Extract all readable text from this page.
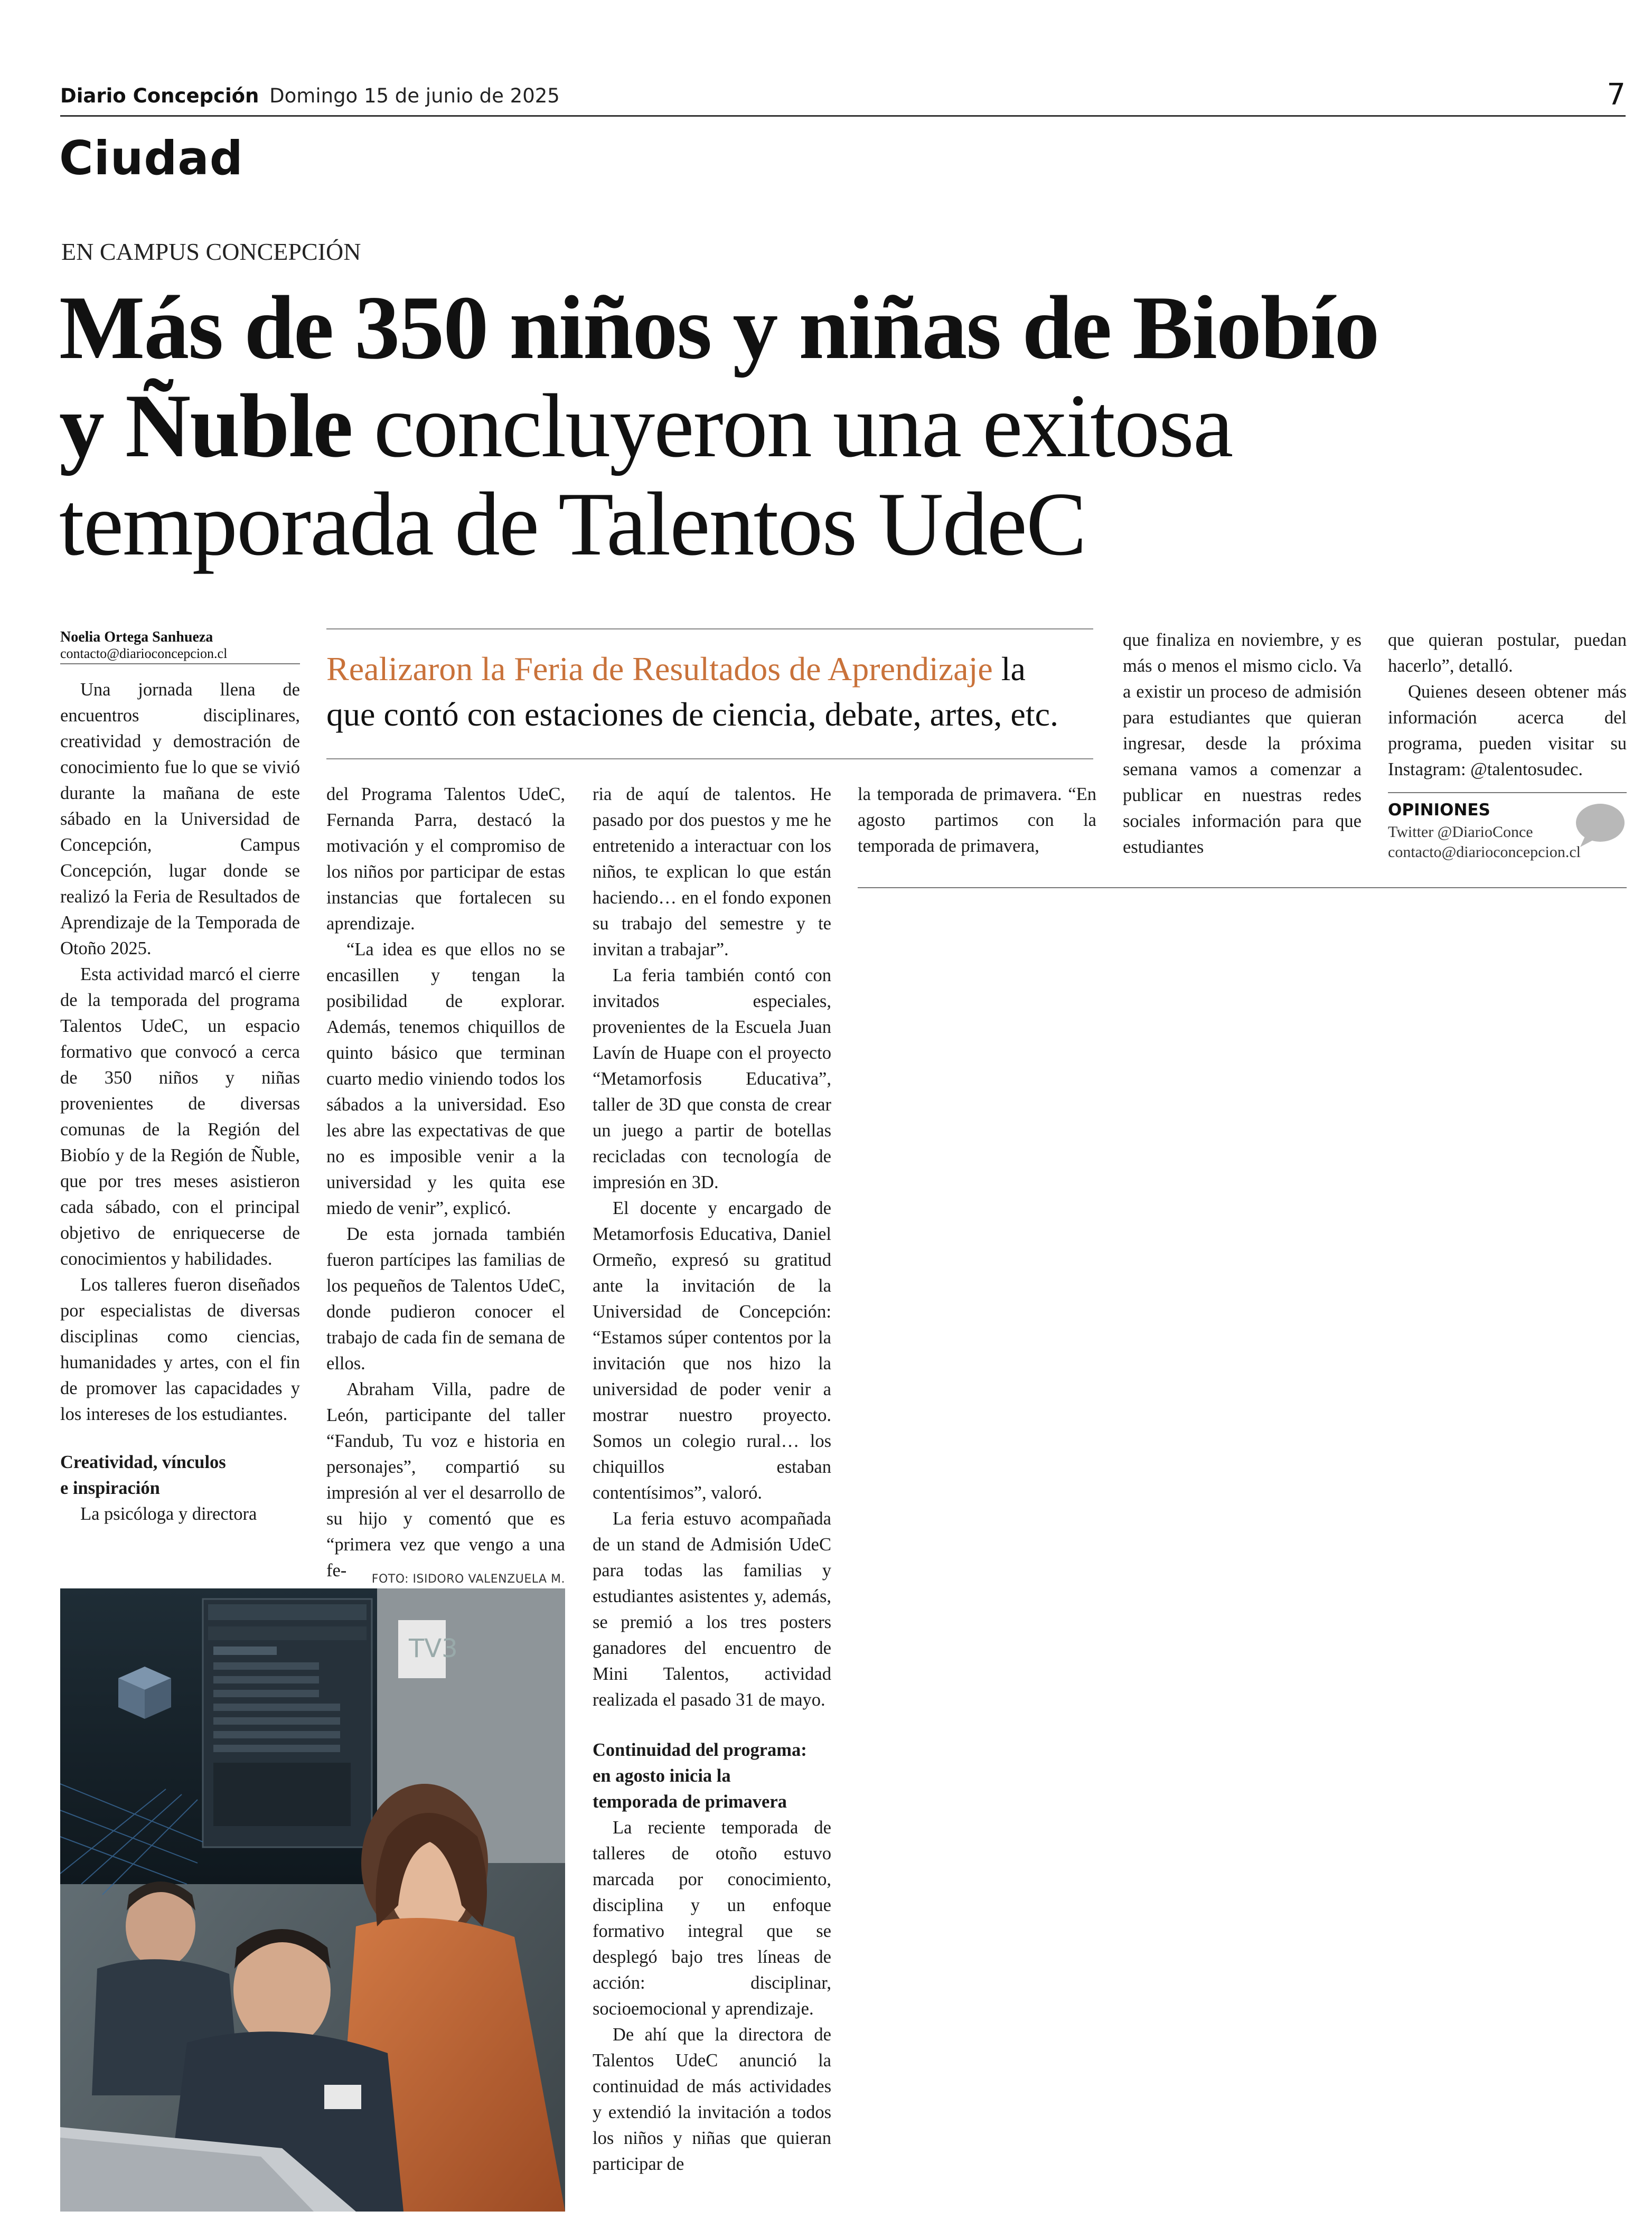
Diario Concepción Domingo 15 de junio de 2025	7
Ciudad
EN CAMPUS CONCEPCIÓN
Más de 350 niños y niñas de Biobío
y Ñuble concluyeron una exitosa
temporada de Talentos UdeC
Noelia Ortega Sanhueza
contacto@diarioconcepcion.cl	Realizaron la Feria de Resultados de Aprendizaje la
que contó con estaciones de ciencia, debate, artes, etc.

Una jornada llena de encuentros disciplinares, creatividad y demostración de conocimiento fue lo que se vivió durante la mañana de este sábado en la Universidad de Concepción, Campus Concepción, lugar donde se realizó la Feria de Resultados de Aprendizaje de la Temporada de Otoño 2025.

Esta actividad marcó el cierre de la temporada del programa Talentos UdeC, un espacio formativo que convocó a cerca de 350 niños y niñas provenientes de diversas comunas de la Región del Biobío y de la Región de Ñuble, que por tres meses asistieron cada sábado, con el principal objetivo de enriquecerse de conocimientos y habilidades.

Los talleres fueron diseñados por especialistas de diversas disciplinas como ciencias, humanidades y artes, con el fin de promover las capacidades y los intereses de los estudiantes.

Creatividad, vínculos

e inspiración

La psicóloga y directora

del Programa Talentos UdeC, Fernanda Parra, destacó la motivación y el compromiso de los niños por participar de estas instancias que fortalecen su aprendizaje.

“La idea es que ellos no se encasillen y tengan la posibilidad de explorar. Además, tenemos chiquillos de quinto básico que terminan cuarto medio viniendo todos los sábados a la universidad. Eso les abre las expectativas de que no es imposible venir a la universidad y les quita ese miedo de venir”, explicó.

De esta jornada también fueron partícipes las familias de los pequeños de Talentos UdeC, donde pudieron conocer el trabajo de cada fin de semana de ellos.

Abraham Villa, padre de León, participante del taller “Fandub, Tu voz e historia en personajes”, compartió su impresión al ver el desarrollo de su hijo y comentó que es “primera vez que vengo a una fe-

ria de aquí de talentos. He pasado por dos puestos y me he entretenido a interactuar con los niños, te explican lo que están haciendo… en el fondo exponen su trabajo del semestre y te invitan a trabajar”.

La feria también contó con invitados especiales, provenientes de la Escuela Juan Lavín de Huape con el proyecto “Metamorfosis Educativa”, taller de 3D que consta de crear un juego a partir de botellas recicladas con tecnología de impresión en 3D.

El docente y encargado de Metamorfosis Educativa, Daniel Ormeño, expresó su gratitud ante la invitación de la Universidad de Concepción: “Estamos súper contentos por la invitación que nos hizo la universidad de poder venir a mostrar nuestro proyecto. Somos un colegio rural… los chiquillos estaban contentísimos”, valoró.

La feria estuvo acompañada de un stand de Admisión UdeC para todas las familias y estudiantes asistentes y, además, se premió a los tres posters ganadores del encuentro de Mini Talentos, actividad realizada el pasado 31 de mayo.

Continuidad del programa:

en agosto inicia la

temporada de primavera

La reciente temporada de talleres de otoño estuvo marcada por conocimiento, disciplina y un enfoque formativo integral que se desplegó bajo tres líneas de acción: disciplinar, socioemocional y aprendizaje.

De ahí que la directora de Talentos UdeC anunció la continuidad de más actividades y extendió la invitación a todos los niños y niñas que quieran participar de

la temporada de primavera. “En agosto partimos con la temporada de primavera,

que finaliza en noviembre, y es más o menos el mismo ciclo. Va a existir un proceso de admisión para estudiantes que quieran ingresar, desde la próxima semana vamos a comenzar a publicar en nuestras redes sociales información para que estudiantes

que quieran postular, puedan hacerlo”, detalló.

Quienes deseen obtener más información acerca del programa, pueden visitar su Instagram: @talentosudec.

OPINIONES
Twitter @DiarioConce
contacto@diarioconcepcion.cl
FOTO: ISIDORO VALENZUELA M.
TV3
